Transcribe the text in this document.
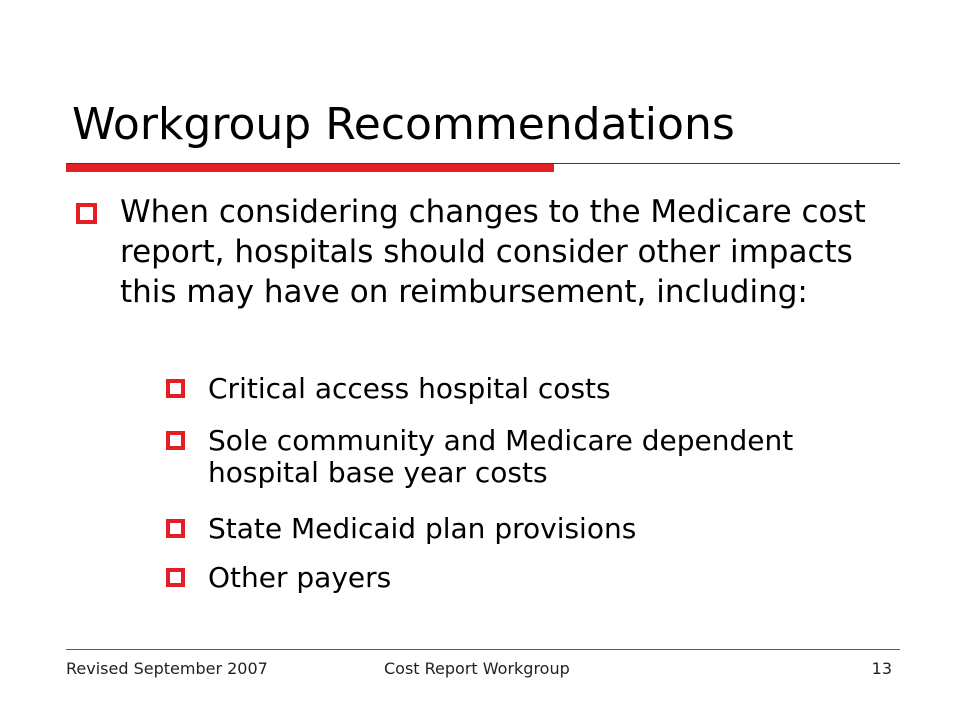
Workgroup Recommendations

When considering changes to the Medicare cost report, hospitals should consider other impacts this may have on reimbursement, including:

Critical access hospital costs

Sole community and Medicare dependent hospital base year costs

State Medicaid plan provisions

Other payers

Revised September 2007	Cost Report Workgroup	13
